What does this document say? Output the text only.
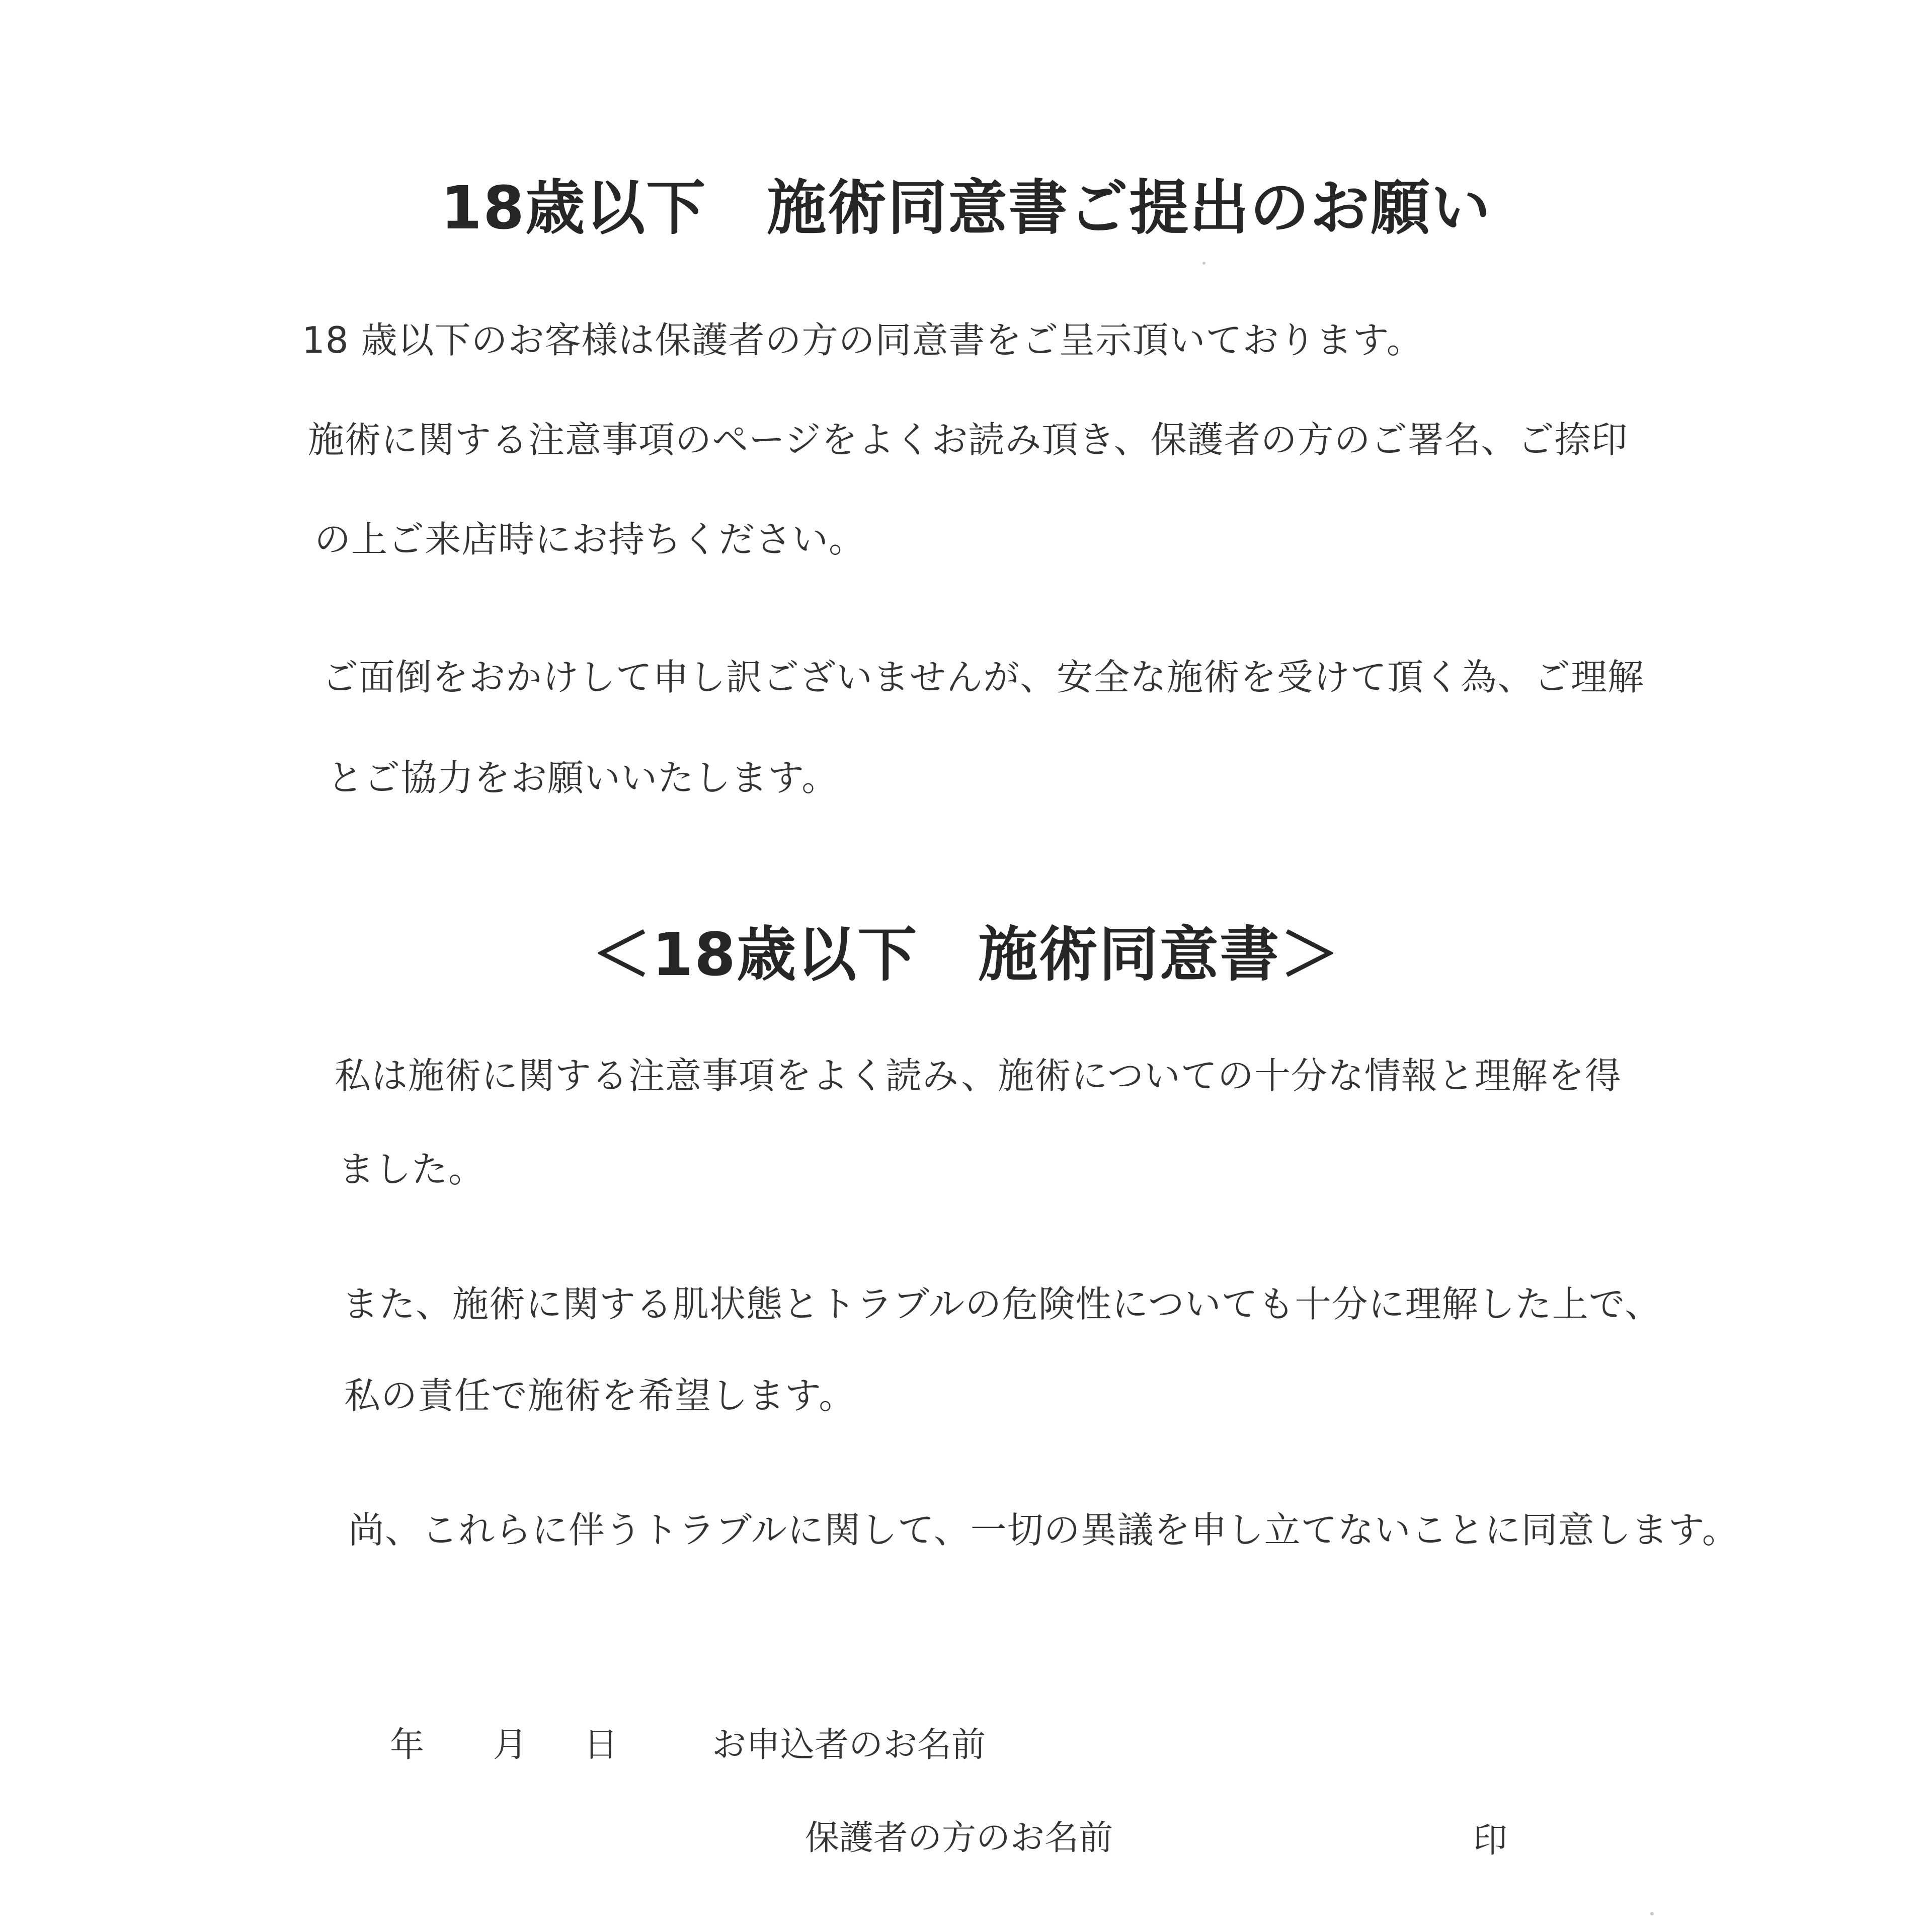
18歳以下　施術同意書ご提出のお願い
18 歳以下のお客様は保護者の方の同意書をご呈示頂いております。
施術に関する注意事項のページをよくお読み頂き、保護者の方のご署名、ご捺印
の上ご来店時にお持ちください。
ご面倒をおかけして申し訳ございませんが、安全な施術を受けて頂く為、ご理解
とご協力をお願いいたします。
＜18歳以下　施術同意書＞
私は施術に関する注意事項をよく読み、施術についての十分な情報と理解を得
ました。
また、施術に関する肌状態とトラブルの危険性についても十分に理解した上で、
私の責任で施術を希望します。
尚、これらに伴うトラブルに関して、一切の異議を申し立てないことに同意します。
年 月 日	お申込者のお名前
保護者の方のお名前	印
